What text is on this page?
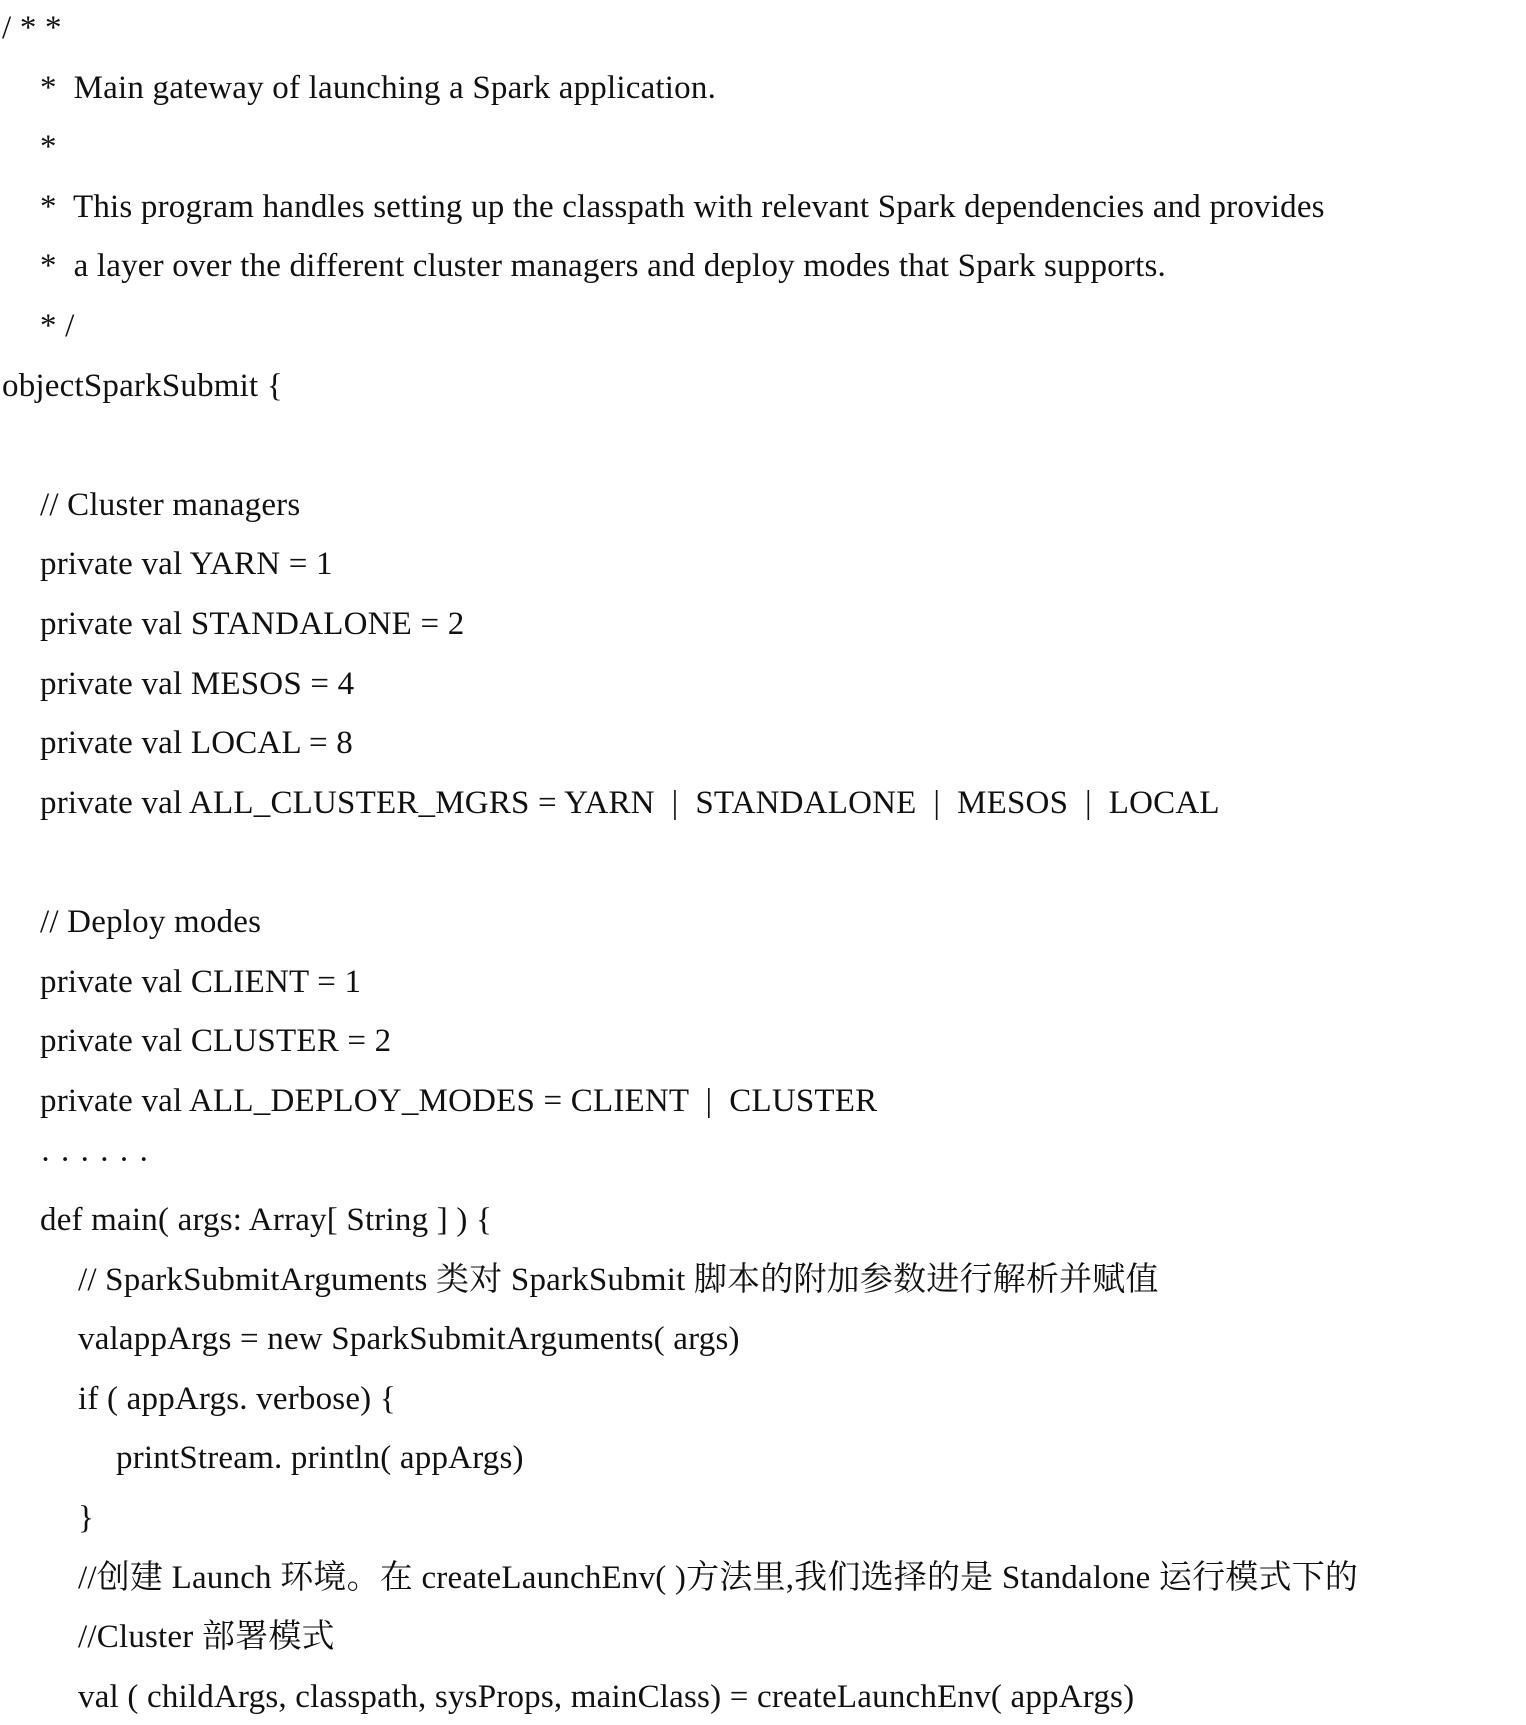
/ * *
*  Main gateway of launching a Spark application.
*
*  This program handles setting up the classpath with relevant Spark dependencies and provides
*  a layer over the different cluster managers and deploy modes that Spark supports.
* /
objectSparkSubmit {
// Cluster managers
private val YARN = 1
private val STANDALONE = 2
private val MESOS = 4
private val LOCAL = 8
private val ALL_CLUSTER_MGRS = YARN  |  STANDALONE  |  MESOS  |  LOCAL
// Deploy modes
private val CLIENT = 1
private val CLUSTER = 2
private val ALL_DEPLOY_MODES = CLIENT  |  CLUSTER
· · · · · ·
def main( args: Array[ String ] ) {
// SparkSubmitArguments 类对 SparkSubmit 脚本的附加参数进行解析并赋值
valappArgs = new SparkSubmitArguments( args)
if ( appArgs. verbose) {
printStream. println( appArgs)
}
//创建 Launch 环境。在 createLaunchEnv( )方法里,我们选择的是 Standalone 运行模式下的
//Cluster 部署模式
val ( childArgs, classpath, sysProps, mainClass) = createLaunchEnv( appArgs)
